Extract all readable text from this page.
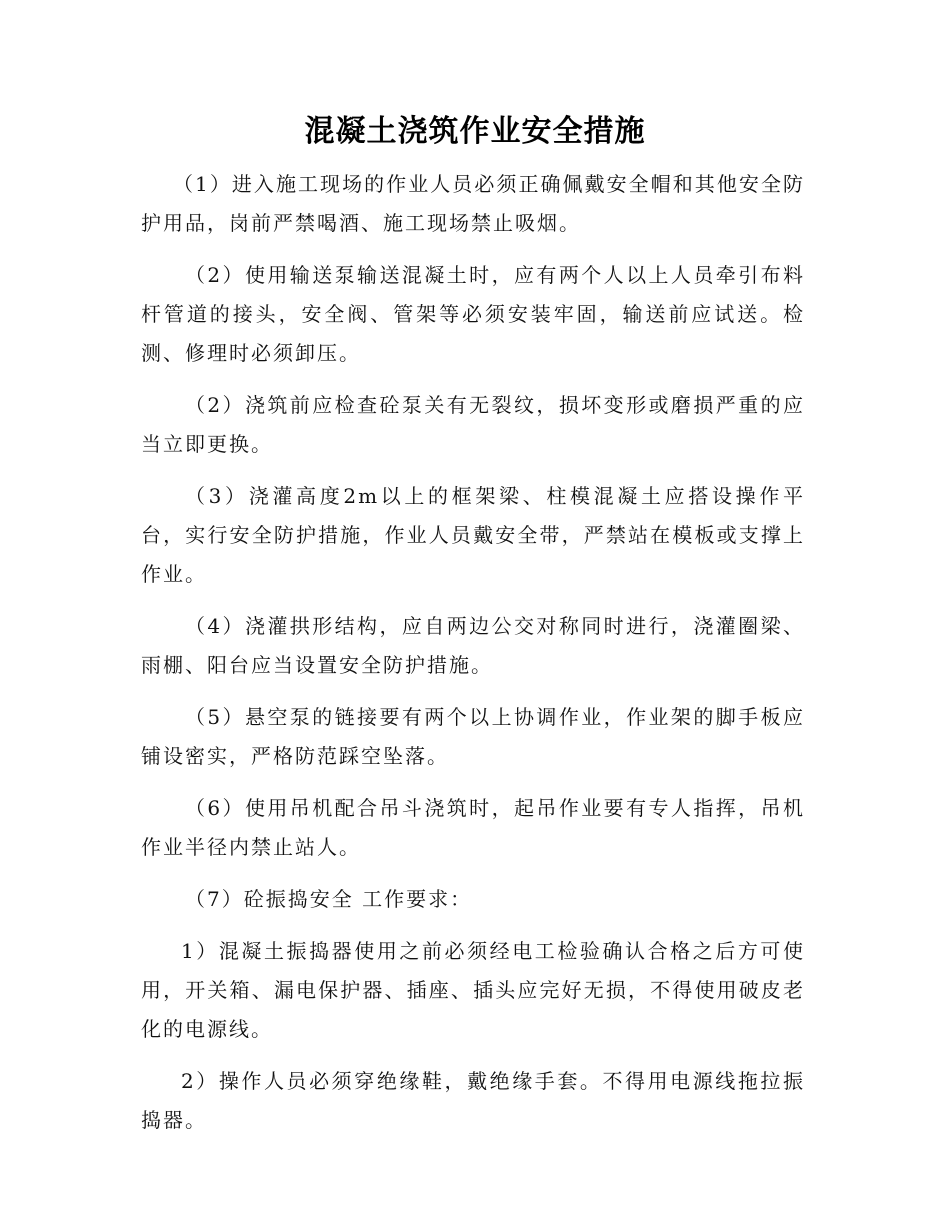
混凝土浇筑作业安全措施

（1）进入施工现场的作业人员必须正确佩戴安全帽和其他安全防护用品，岗前严禁喝酒、施工现场禁止吸烟。

（2）使用输送泵输送混凝土时，应有两个人以上人员牵引布料杆管道的接头，安全阀、管架等必须安装牢固，输送前应试送。检测、修理时必须卸压。

（2）浇筑前应检查砼泵关有无裂纹，损坏变形或磨损严重的应当立即更换。

（3）浇灌高度2m以上的框架梁、柱模混凝土应搭设操作平台，实行安全防护措施，作业人员戴安全带，严禁站在模板或支撑上作业。

（4）浇灌拱形结构，应自两边公交对称同时进行，浇灌圈梁、雨棚、阳台应当设置安全防护措施。

（5）悬空泵的链接要有两个以上协调作业，作业架的脚手板应铺设密实，严格防范踩空坠落。

（6）使用吊机配合吊斗浇筑时，起吊作业要有专人指挥，吊机作业半径内禁止站人。

（7）砼振捣安全 工作要求：

1）混凝土振捣器使用之前必须经电工检验确认合格之后方可使用，开关箱、漏电保护器、插座、插头应完好无损，不得使用破皮老化的电源线。

2）操作人员必须穿绝缘鞋，戴绝缘手套。不得用电源线拖拉振捣器。
